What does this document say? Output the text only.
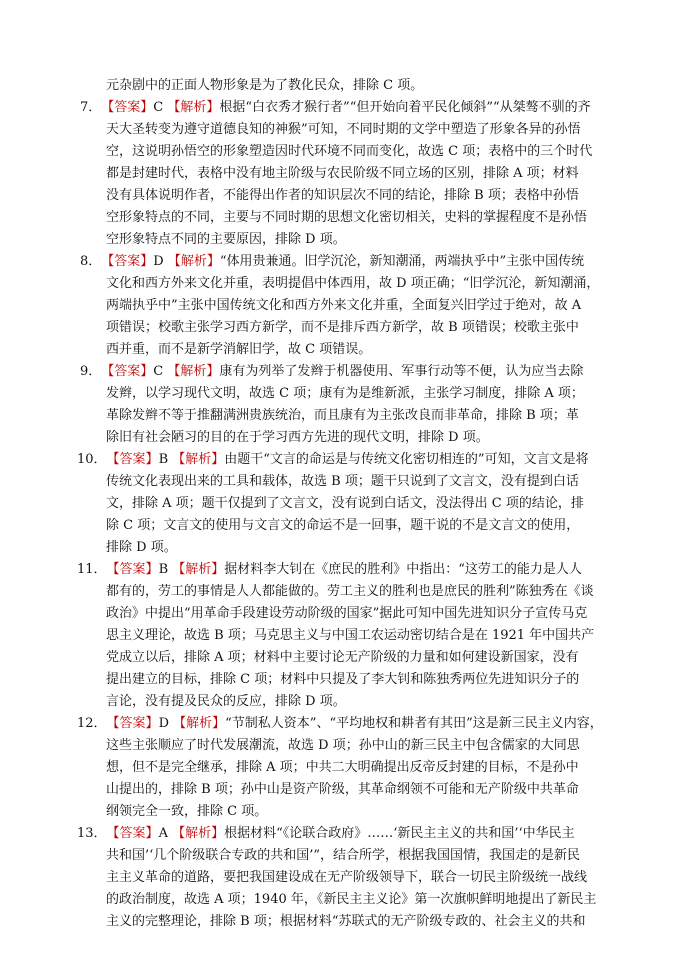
元杂剧中的正面人物形象是为了教化民众，排除 C 项。
7．【答案】C 【解析】根据“白衣秀才猴行者”“但开始向着平民化倾斜”“从桀骜不驯的齐
天大圣转变为遵守道德良知的神猴”可知，不同时期的文学中塑造了形象各异的孙悟
空，这说明孙悟空的形象塑造因时代环境不同而变化，故选 C 项；表格中的三个时代
都是封建时代，表格中没有地主阶级与农民阶级不同立场的区别，排除 A 项；材料
没有具体说明作者，不能得出作者的知识层次不同的结论，排除 B 项；表格中孙悟
空形象特点的不同，主要与不同时期的思想文化密切相关，史料的掌握程度不是孙悟
空形象特点不同的主要原因，排除 D 项。
8．【答案】D 【解析】“体用贵兼通。旧学沉沦，新知潮涌，两端执乎中”主张中国传统
文化和西方外来文化并重，表明提倡中体西用，故 D 项正确；“旧学沉沦，新知潮涌，
两端执乎中”主张中国传统文化和西方外来文化并重，全面复兴旧学过于绝对，故 A
项错误；校歌主张学习西方新学，而不是排斥西方新学，故 B 项错误；校歌主张中
西并重，而不是新学消解旧学，故 C 项错误。
9．【答案】C 【解析】康有为列举了发辫于机器使用、军事行动等不便，认为应当去除
发辫，以学习现代文明，故选 C 项；康有为是维新派，主张学习制度，排除 A 项；
革除发辫不等于推翻满洲贵族统治，而且康有为主张改良而非革命，排除 B 项；革
除旧有社会陋习的目的在于学习西方先进的现代文明，排除 D 项。
10．【答案】B 【解析】由题干“文言的命运是与传统文化密切相连的”可知，文言文是将
传统文化表现出来的工具和载体，故选 B 项；题干只说到了文言文，没有提到白话
文，排除 A 项；题干仅提到了文言文，没有说到白话文，没法得出 C 项的结论，排
除 C 项；文言文的使用与文言文的命运不是一回事，题干说的不是文言文的使用，
排除 D 项。
11．【答案】B 【解析】据材料李大钊在《庶民的胜利》中指出：“这劳工的能力是人人
都有的，劳工的事情是人人都能做的。劳工主义的胜利也是庶民的胜利”陈独秀在《谈
政治》中提出“用革命手段建设劳动阶级的国家”据此可知中国先进知识分子宣传马克
思主义理论，故选 B 项；马克思主义与中国工农运动密切结合是在 1921 年中国共产
党成立以后，排除 A 项；材料中主要讨论无产阶级的力量和如何建设新国家，没有
提出建立的目标，排除 C 项；材料中只提及了李大钊和陈独秀两位先进知识分子的
言论，没有提及民众的反应，排除 D 项。
12．【答案】D 【解析】“节制私人资本”、“平均地权和耕者有其田”这是新三民主义内容，
这些主张顺应了时代发展潮流，故选 D 项；孙中山的新三民主中包含儒家的大同思
想，但不是完全继承，排除 A 项；中共二大明确提出反帝反封建的目标，不是孙中
山提出的，排除 B 项；孙中山是资产阶级，其革命纲领不可能和无产阶级中共革命
纲领完全一致，排除 C 项。
13．【答案】A 【解析】根据材料“《论联合政府》……‘新民主主义的共和国’‘中华民主
共和国’‘几个阶级联合专政的共和国’”，结合所学，根据我国国情，我国走的是新民
主主义革命的道路，要把我国建设成在无产阶级领导下，联合一切民主阶级统一战线
的政治制度，故选 A 项；1940 年，《新民主主义论》第一次旗帜鲜明地提出了新民主
主义的完整理论，排除 B 项；根据材料“苏联式的无产阶级专政的、社会主义的共和
